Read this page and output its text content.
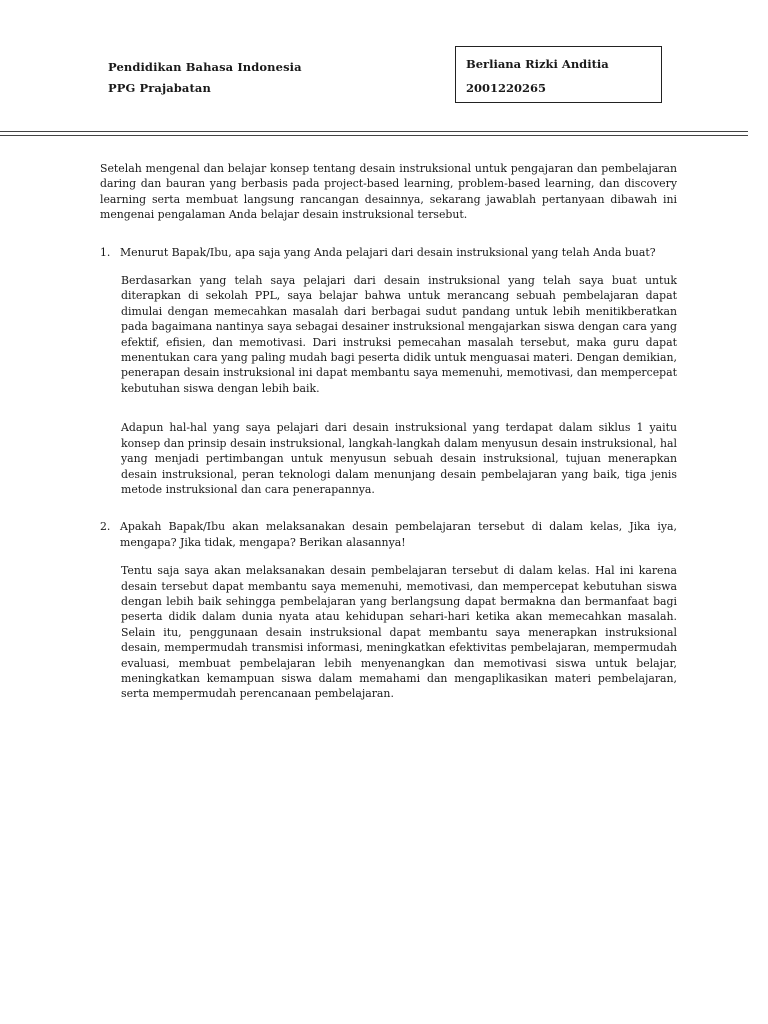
Pendidikan Bahasa Indonesia
PPG Prajabatan
Berliana Rizki Anditia
2001220265

Setelah mengenal dan belajar konsep tentang desain instruksional untuk pengajaran dan pembelajaran daring dan bauran yang berbasis pada project-based learning, problem-based learning, dan discovery learning serta membuat langsung rancangan desainnya, sekarang jawablah pertanyaan dibawah ini mengenai pengalaman Anda belajar desain instruksional tersebut.

1. Menurut Bapak/Ibu, apa saja yang Anda pelajari dari desain instruksional yang telah Anda buat?

Berdasarkan yang telah saya pelajari dari desain instruksional yang telah saya buat untuk diterapkan di sekolah PPL, saya belajar bahwa untuk merancang sebuah pembelajaran dapat dimulai dengan memecahkan masalah dari berbagai sudut pandang untuk lebih menitikberatkan pada bagaimana nantinya saya sebagai desainer instruksional mengajarkan siswa dengan cara yang efektif, efisien, dan memotivasi. Dari instruksi pemecahan masalah tersebut, maka guru dapat menentukan cara yang paling mudah bagi peserta didik untuk menguasai materi. Dengan demikian, penerapan desain instruksional ini dapat membantu saya memenuhi, memotivasi, dan mempercepat kebutuhan siswa dengan lebih baik.

Adapun hal-hal yang saya pelajari dari desain instruksional yang terdapat dalam siklus 1 yaitu konsep dan prinsip desain instruksional, langkah-langkah dalam menyusun desain instruksional, hal yang menjadi pertimbangan untuk menyusun sebuah desain instruksional, tujuan menerapkan desain instruksional, peran teknologi dalam menunjang desain pembelajaran yang baik, tiga jenis metode instruksional dan cara penerapannya.

2. Apakah Bapak/Ibu akan melaksanakan desain pembelajaran tersebut di dalam kelas, Jika iya, mengapa? Jika tidak, mengapa? Berikan alasannya!

Tentu saja saya akan melaksanakan desain pembelajaran tersebut di dalam kelas. Hal ini karena desain tersebut dapat membantu saya memenuhi, memotivasi, dan mempercepat kebutuhan siswa dengan lebih baik sehingga pembelajaran yang berlangsung dapat bermakna dan bermanfaat bagi peserta didik dalam dunia nyata atau kehidupan sehari-hari ketika akan memecahkan masalah. Selain itu, penggunaan desain instruksional dapat membantu saya menerapkan instruksional desain, mempermudah transmisi informasi, meningkatkan efektivitas pembelajaran, mempermudah evaluasi, membuat pembelajaran lebih menyenangkan dan memotivasi siswa untuk belajar, meningkatkan kemampuan siswa dalam memahami dan mengaplikasikan materi pembelajaran, serta mempermudah perencanaan pembelajaran.
